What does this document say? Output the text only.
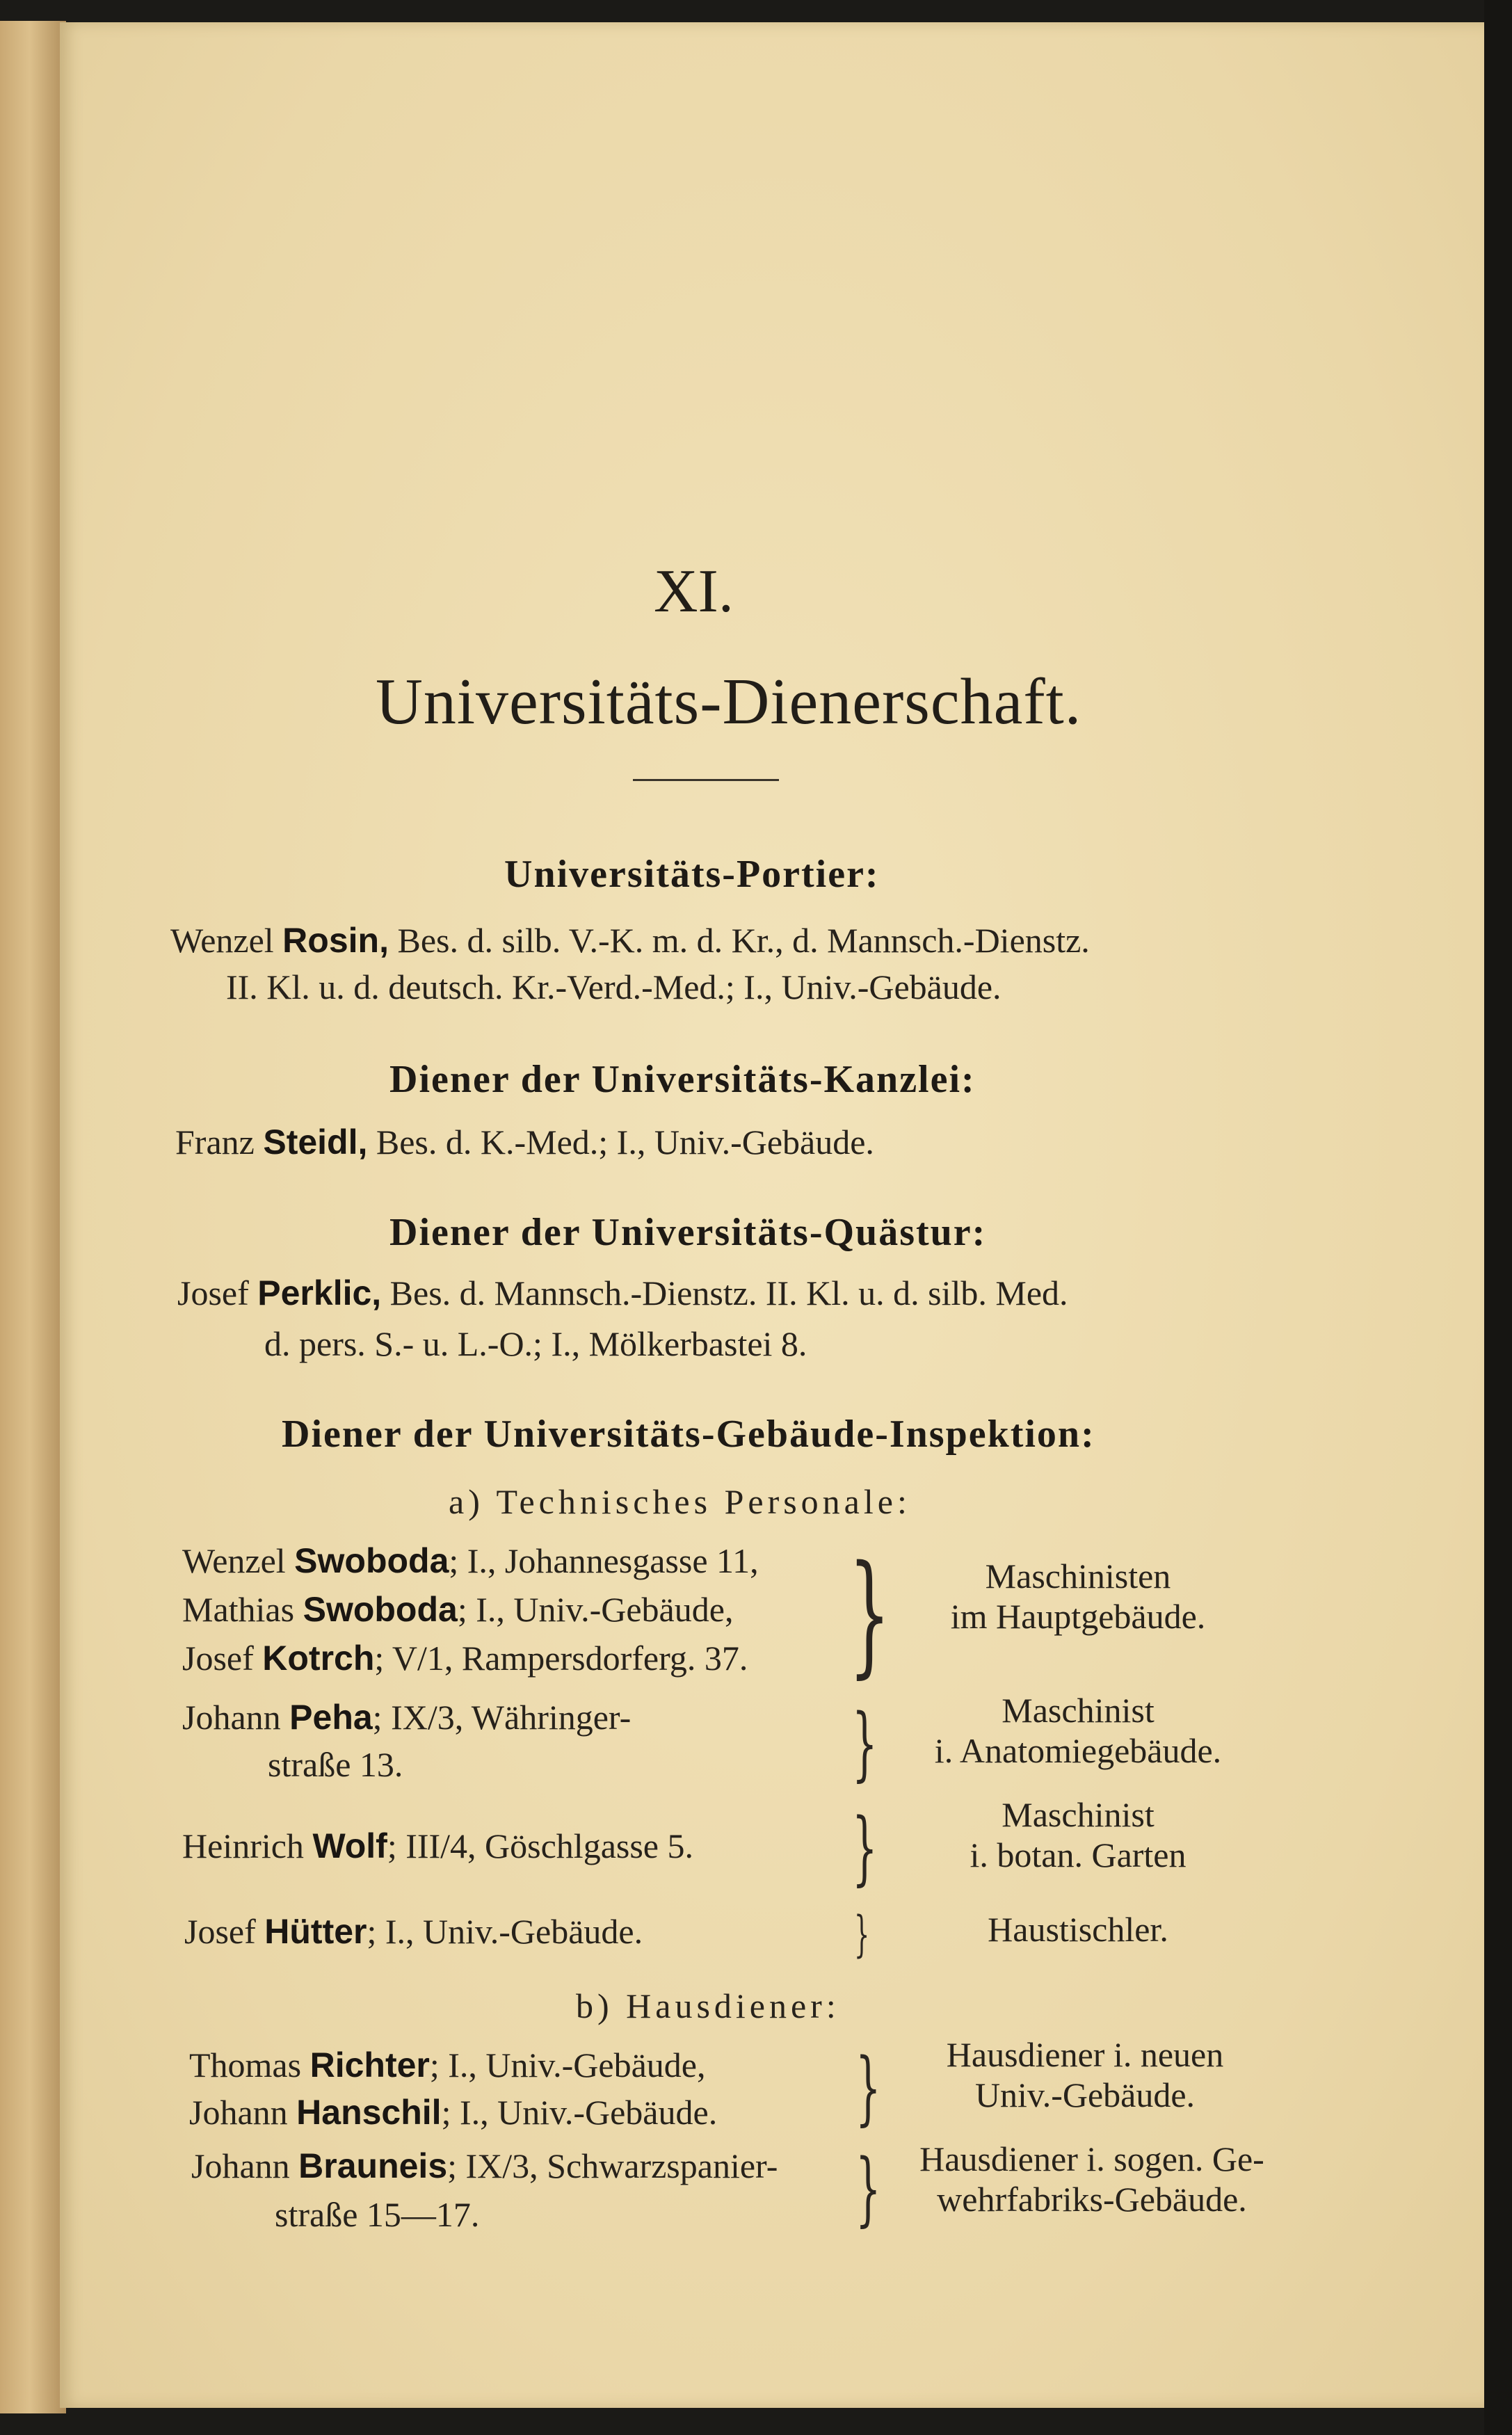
XI.
Universitäts-Dienerschaft.
Universitäts-Portier:
Wenzel Rosin, Bes. d. silb. V.-K. m. d. Kr., d. Mannsch.-Dienstz.
II. Kl. u. d. deutsch. Kr.-Verd.-Med.; I., Univ.-Gebäude.
Diener der Universitäts-Kanzlei:
Franz Steidl, Bes. d. K.-Med.; I., Univ.-Gebäude.
Diener der Universitäts-Quästur:
Josef Perklic, Bes. d. Mannsch.-Dienstz. II. Kl. u. d. silb. Med.
d. pers. S.- u. L.-O.; I., Mölkerbastei 8.
Diener der Universitäts-Gebäude-Inspektion:
a) Technisches Personale:
Wenzel Swoboda; I., Johannesgasse 11,
Mathias Swoboda; I., Univ.-Gebäude,
Josef Kotrch; V/1, Rampersdorferg. 37. }	Maschinisten
im Hauptgebäude.
Johann Peha; IX/3, Währinger-
straße 13.	}	Maschinist
i. Anatomiegebäude.
Heinrich Wolf; III/4, Göschlgasse 5. }	Maschinist
i. botan. Garten
Josef Hütter; I., Univ.-Gebäude.	}	Haustischler.
b) Hausdiener:
Thomas Richter; I., Univ.-Gebäude,
Johann Hanschil; I., Univ.-Gebäude. }	Hausdiener i. neuen
Univ.-Gebäude.
Johann Brauneis; IX/3, Schwarzspanier-
straße 15—17.	}	Hausdiener i. sogen. Ge-
wehrfabriks-Gebäude.
